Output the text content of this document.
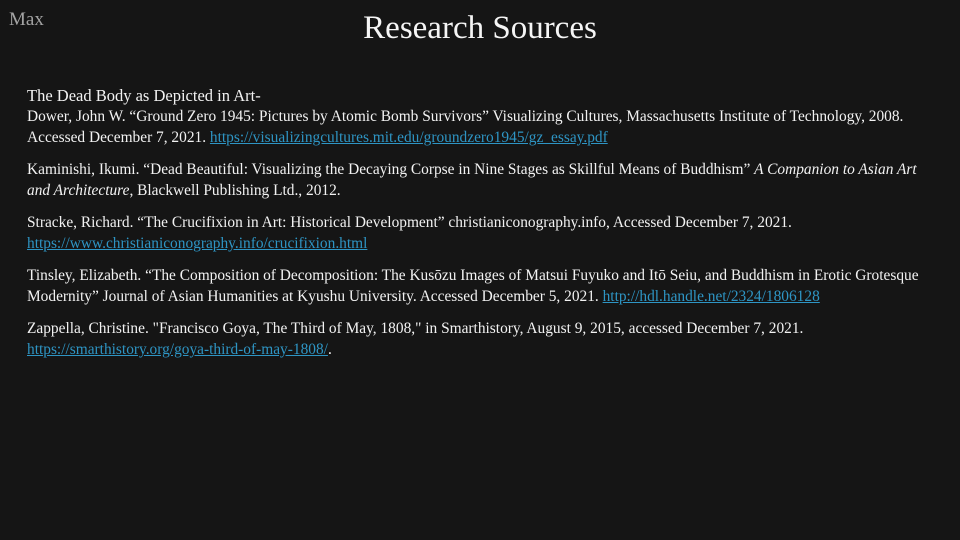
Max	Research Sources

The Dead Body as Depicted in Art-

Dower, John W. “Ground Zero 1945: Pictures by Atomic Bomb Survivors” Visualizing Cultures, Massachusetts Institute of Technology, 2008. Accessed December 7, 2021. https://visualizingcultures.mit.edu/groundzero1945/gz_essay.pdf

Kaminishi, Ikumi. “Dead Beautiful: Visualizing the Decaying Corpse in Nine Stages as Skillful Means of Buddhism” A Companion to Asian Art and Architecture, Blackwell Publishing Ltd., 2012.

Stracke, Richard. “The Crucifixion in Art: Historical Development” christianiconography.info, Accessed December 7, 2021. https://www.christianiconography.info/crucifixion.html

Tinsley, Elizabeth. “The Composition of Decomposition: The Kusōzu Images of Matsui Fuyuko and Itō Seiu, and Buddhism in Erotic Grotesque Modernity” Journal of Asian Humanities at Kyushu University. Accessed December 5, 2021. http://hdl.handle.net/2324/1806128

Zappella, Christine. "Francisco Goya, The Third of May, 1808," in Smarthistory, August 9, 2015, accessed December 7, 2021. https://smarthistory.org/goya-third-of-may-1808/.
